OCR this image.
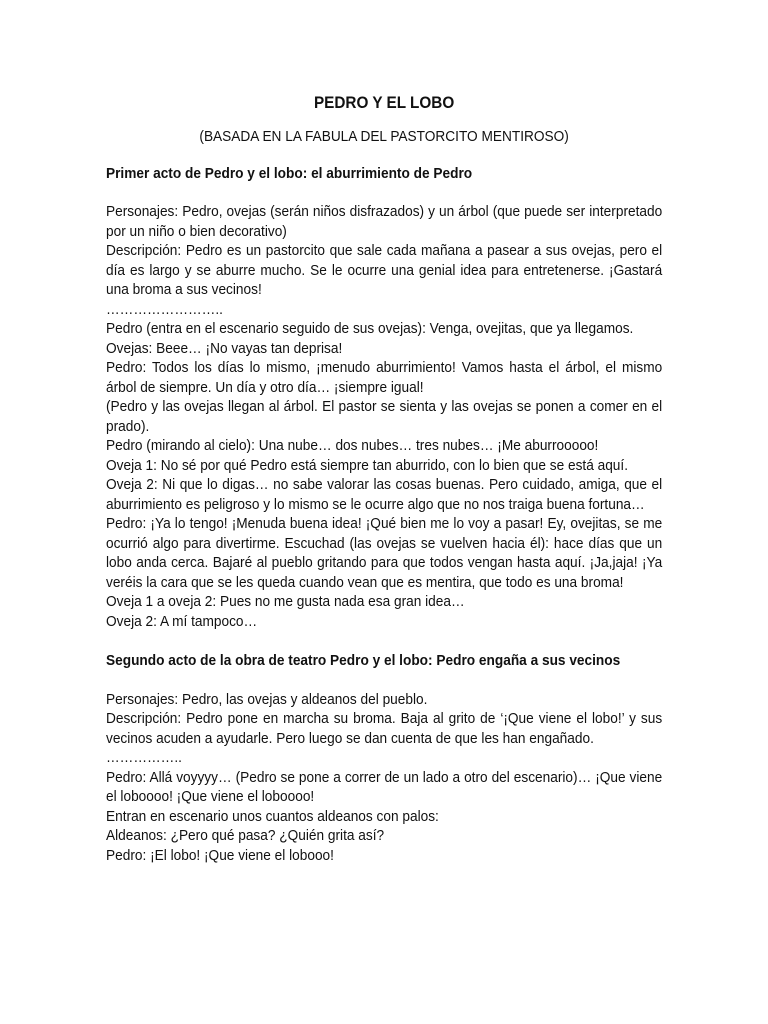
PEDRO Y EL LOBO
(BASADA EN LA FABULA DEL PASTORCITO MENTIROSO)
Primer acto de Pedro y el lobo: el aburrimiento de Pedro

Personajes: Pedro, ovejas (serán niños disfrazados) y un árbol (que puede ser interpretado por un niño o bien decorativo)

Descripción: Pedro es un pastorcito que sale cada mañana a pasear a sus ovejas, pero el día es largo y se aburre mucho. Se le ocurre una genial idea para entretenerse. ¡Gastará una broma a sus vecinos!

……………………..

Pedro (entra en el escenario seguido de sus ovejas): Venga, ovejitas, que ya llegamos.

Ovejas: Beee… ¡No vayas tan deprisa!

Pedro: Todos los días lo mismo, ¡menudo aburrimiento! Vamos hasta el árbol, el mismo árbol de siempre. Un día y otro día… ¡siempre igual!

(Pedro y las ovejas llegan al árbol. El pastor se sienta y las ovejas se ponen a comer en el prado).

Pedro (mirando al cielo): Una nube… dos nubes… tres nubes… ¡Me aburrooooo!

Oveja 1: No sé por qué Pedro está siempre tan aburrido, con lo bien que se está aquí.

Oveja 2: Ni que lo digas… no sabe valorar las cosas buenas. Pero cuidado, amiga, que el aburrimiento es peligroso y lo mismo se le ocurre algo que no nos traiga buena fortuna…

Pedro: ¡Ya lo tengo! ¡Menuda buena idea! ¡Qué bien me lo voy a pasar! Ey, ovejitas, se me ocurrió algo para divertirme. Escuchad (las ovejas se vuelven hacia él): hace días que un lobo anda cerca. Bajaré al pueblo gritando para que todos vengan hasta aquí. ¡Ja,jaja! ¡Ya veréis la cara que se les queda cuando vean que es mentira, que todo es una broma!

Oveja 1 a oveja 2: Pues no me gusta nada esa gran idea…

Oveja 2: A mí tampoco…

Segundo acto de la obra de teatro Pedro y el lobo: Pedro engaña a sus vecinos

Personajes: Pedro, las ovejas y aldeanos del pueblo.

Descripción: Pedro pone en marcha su broma. Baja al grito de ‘¡Que viene el lobo!’ y sus vecinos acuden a ayudarle. Pero luego se dan cuenta de que les han engañado.

……………..

Pedro: Allá voyyyy… (Pedro se pone a correr de un lado a otro del escenario)… ¡Que viene el loboooo! ¡Que viene el loboooo!

Entran en escenario unos cuantos aldeanos con palos:

Aldeanos: ¿Pero qué pasa? ¿Quién grita así?

Pedro: ¡El lobo! ¡Que viene el lobooo!
